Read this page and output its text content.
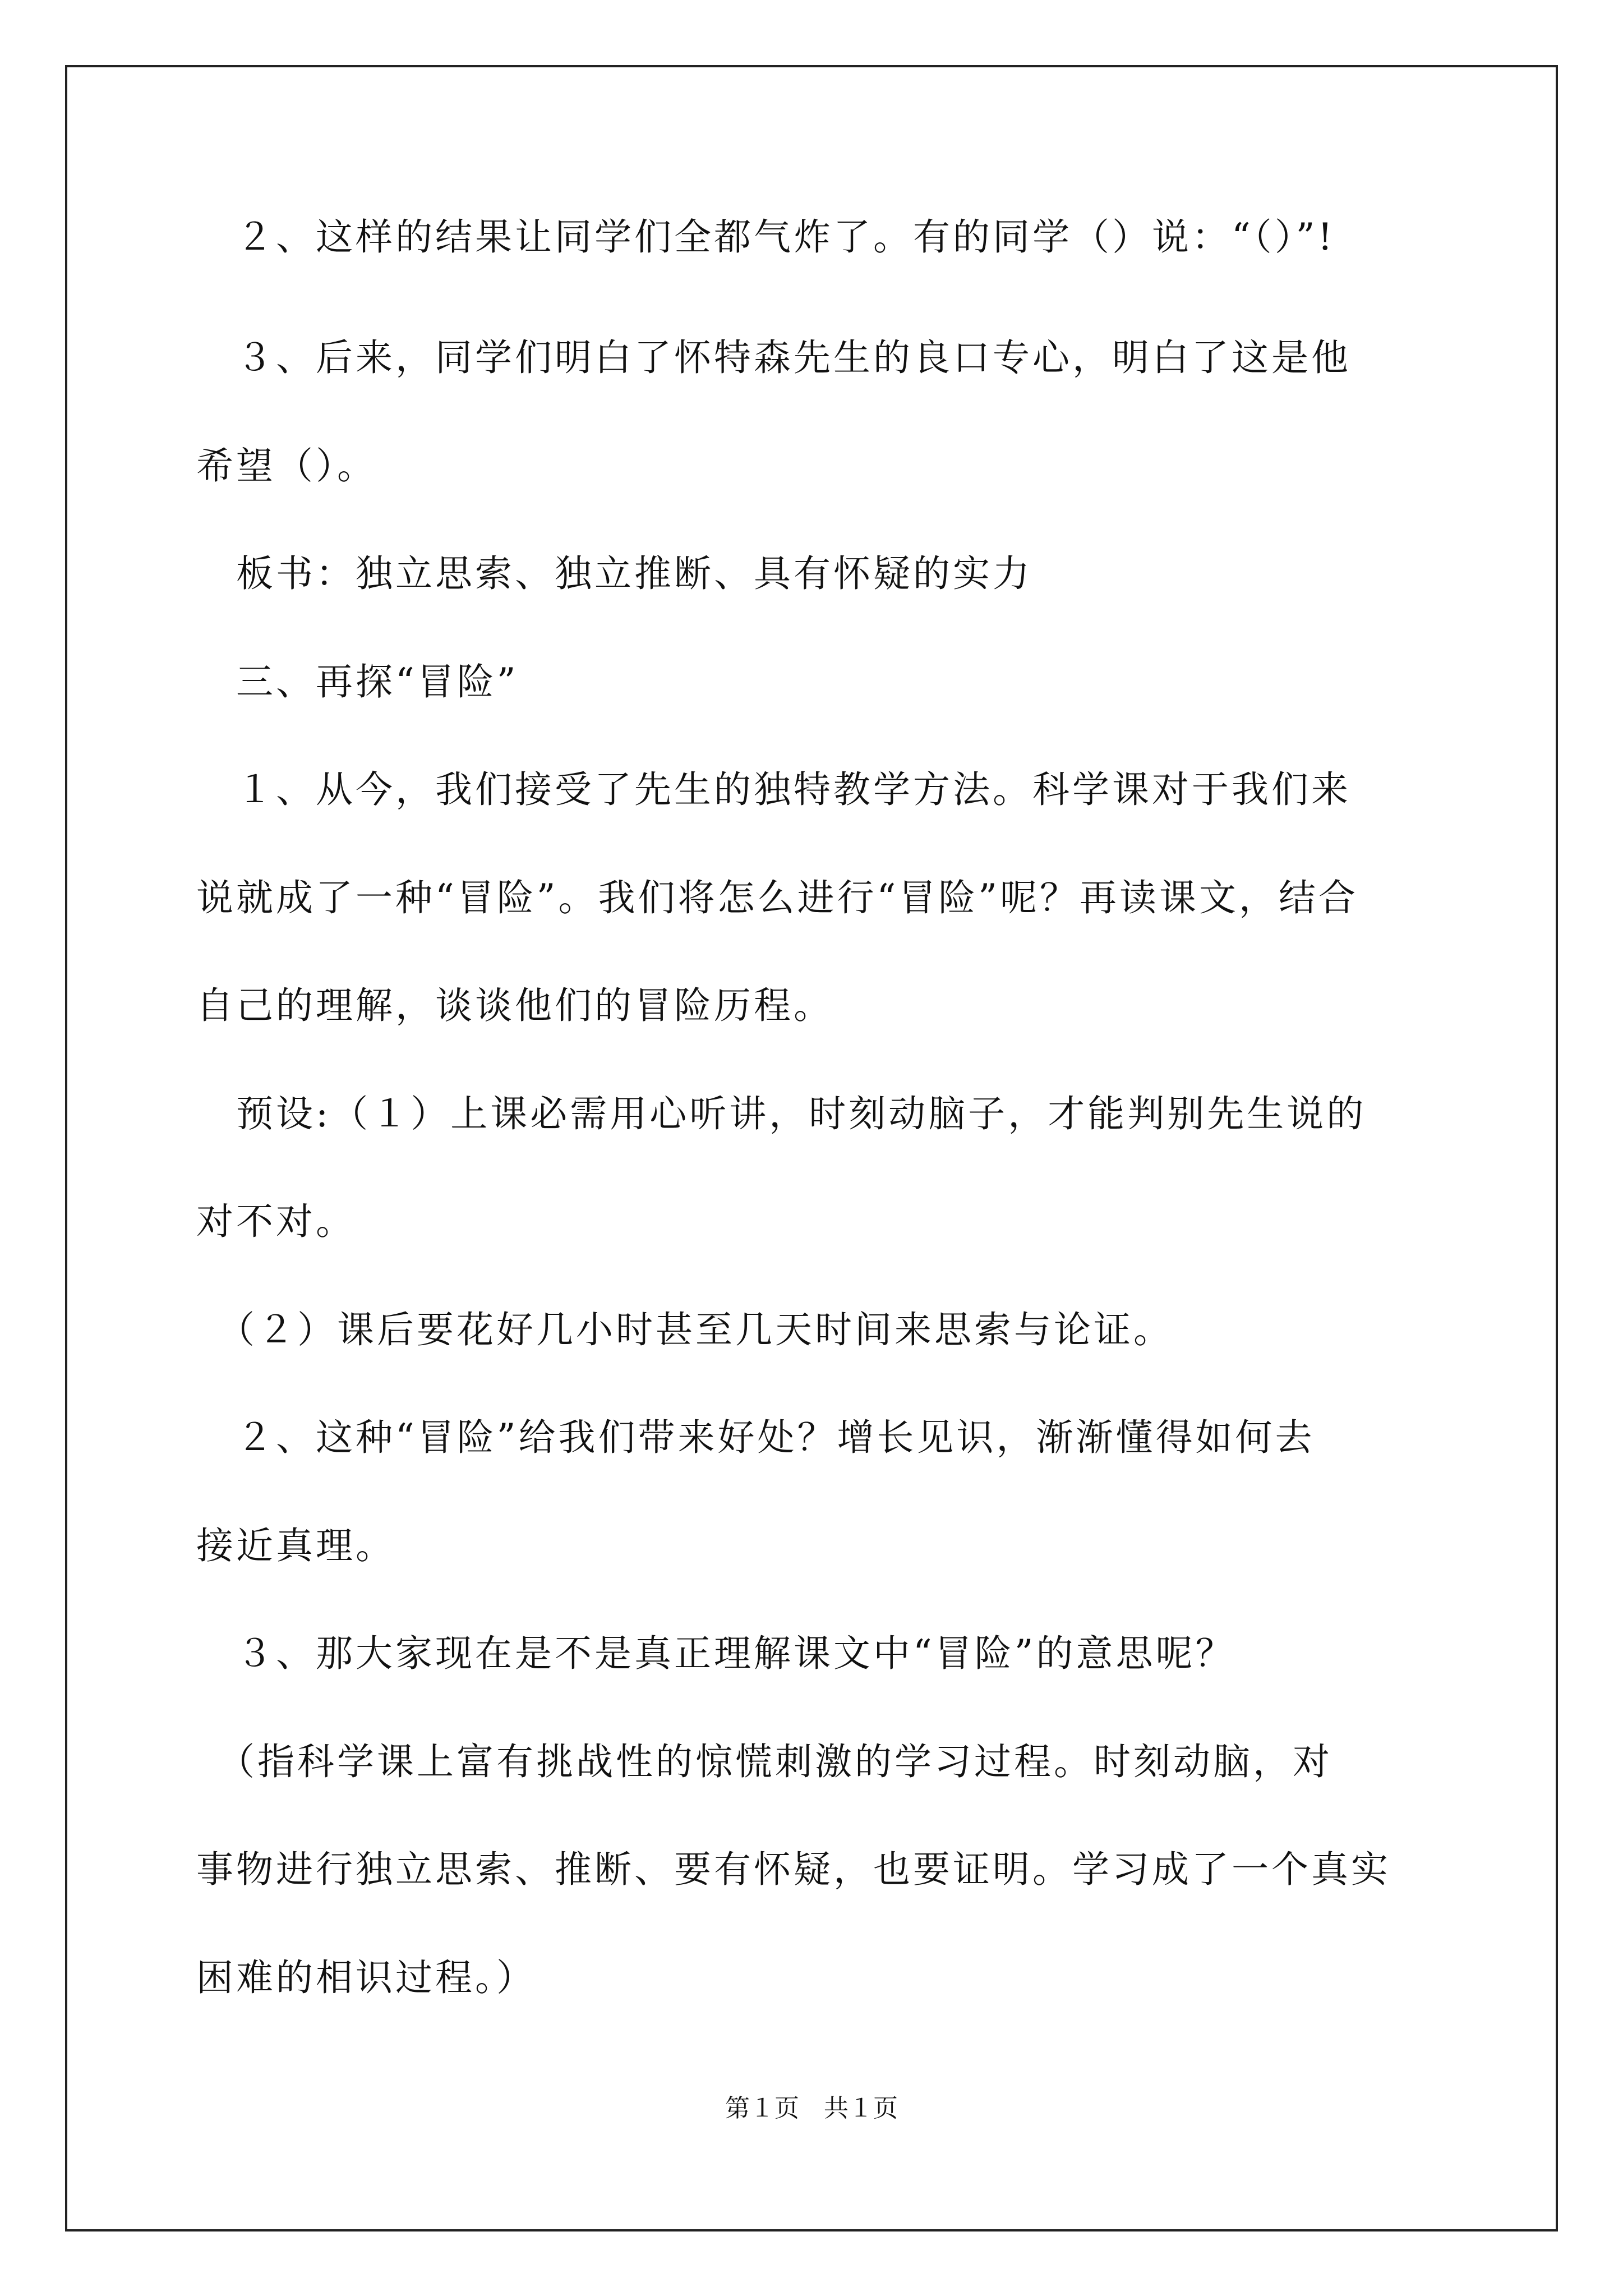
　２、这样的结果让同学们全都气炸了。有的同学（）说：“（）”!
　３、后来，同学们明白了怀特森先生的良口专心，明白了这是他
希望（）。
　板书：独立思索、独立推断、具有怀疑的实力
　三、再探“冒险”
　１、从今，我们接受了先生的独特教学方法。科学课对于我们来
说就成了一种“冒险”。我们将怎么进行“冒险”呢？再读课文，结合
自己的理解，谈谈他们的冒险历程。
　预设:（１）上课必需用心听讲，时刻动脑子，才能判别先生说的
对不对。
　（２）课后要花好几小时甚至几天时间来思索与论证。
　２、这种“冒险”给我们带来好处？增长见识，渐渐懂得如何去
接近真理。
　３、那大家现在是不是真正理解课文中“冒险”的意思呢？
　（指科学课上富有挑战性的惊慌刺激的学习过程。时刻动脑，对
事物进行独立思索、推断、要有怀疑，也要证明。学习成了一个真实
困难的相识过程。）
第１页　共１页
